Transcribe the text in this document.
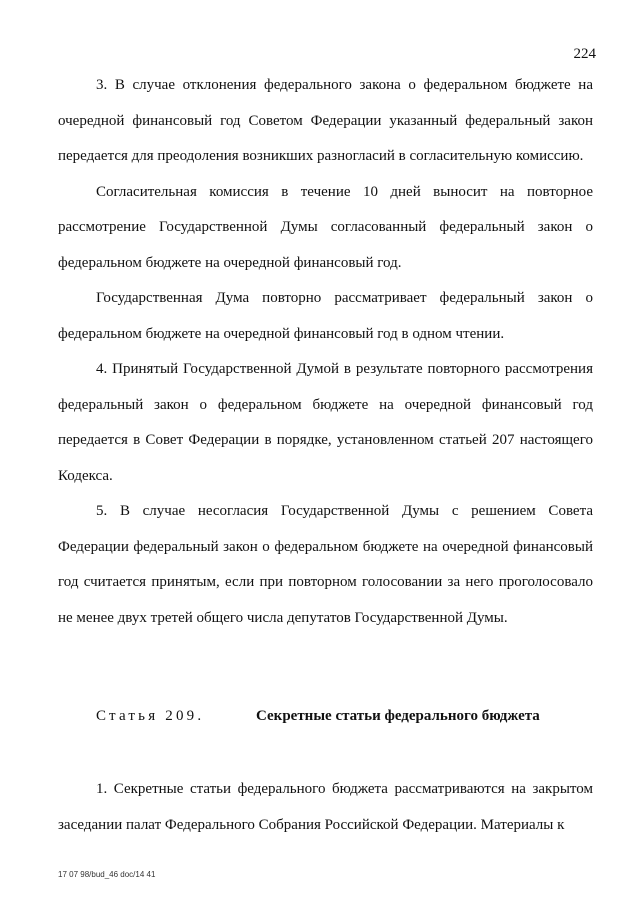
224

3. В случае отклонения федерального закона о федеральном бюджете на очередной финансовый год Советом Федерации указанный федеральный закон передается для преодоления возникших разногласий в согласительную комиссию.

Согласительная комиссия в течение 10 дней выносит на повторное рассмотрение Государственной Думы согласованный федеральный закон о федеральном бюджете на очередной финансовый год.

Государственная Дума повторно рассматривает федеральный закон о федеральном бюджете на очередной финансовый год в одном чтении.

4. Принятый Государственной Думой в результате повторного рассмотрения федеральный закон о федеральном бюджете на очередной финансовый год передается в Совет Федерации в порядке, установленном статьей 207 настоящего Кодекса.

5. В случае несогласия Государственной Думы с решением Совета Федерации федеральный закон о федеральном бюджете на очередной финансовый год считается принятым, если при повторном голосовании за него проголосовало не менее двух третей общего числа депутатов Государственной Думы.

Статья 209.	Секретные статьи федерального бюджета

1. Секретные статьи федерального бюджета рассматриваются на закрытом заседании палат Федерального Собрания Российской Федерации. Материалы к

17 07 98/bud_46 doc/14 41
